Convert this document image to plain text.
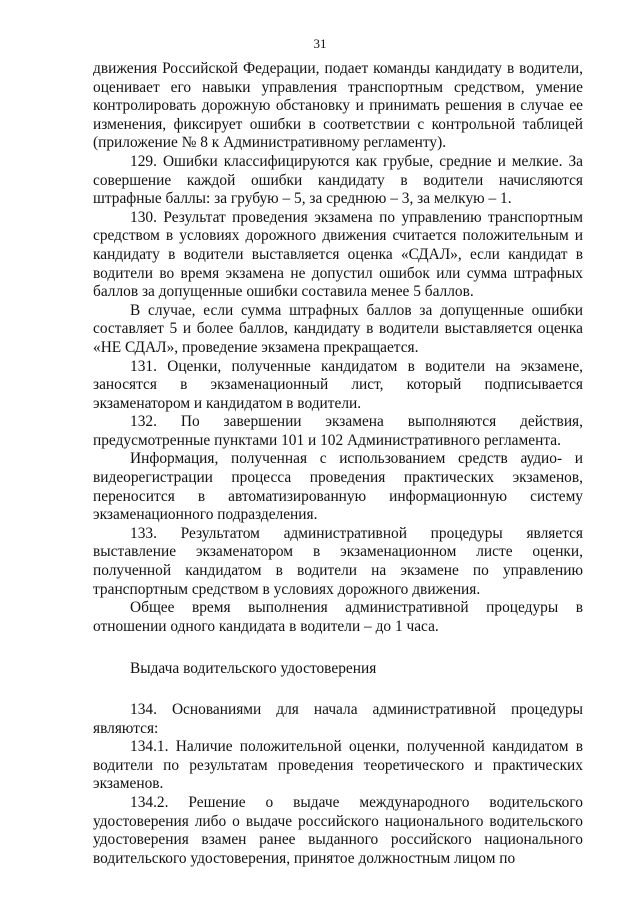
31

движения Российской Федерации, подает команды кандидату в водители, оценивает его навыки управления транспортным средством, умение контролировать дорожную обстановку и принимать решения в случае ее изменения, фиксирует ошибки в соответствии с контрольной таблицей (приложение № 8 к Административному регламенту).

129. Ошибки классифицируются как грубые, средние и мелкие. За совершение каждой ошибки кандидату в водители начисляются штрафные баллы: за грубую – 5, за среднюю – 3, за мелкую – 1.

130. Результат проведения экзамена по управлению транспортным средством в условиях дорожного движения считается положительным и кандидату в водители выставляется оценка «СДАЛ», если кандидат в водители во время экзамена не допустил ошибок или сумма штрафных баллов за допущенные ошибки составила менее 5 баллов.

В случае, если сумма штрафных баллов за допущенные ошибки составляет 5 и более баллов, кандидату в водители выставляется оценка «НЕ СДАЛ», проведение экзамена прекращается.

131. Оценки, полученные кандидатом в водители на экзамене, заносятся в экзаменационный лист, который подписывается экзаменатором и кандидатом в водители.

132. По завершении экзамена выполняются действия, предусмотренные пунктами 101 и 102 Административного регламента.

Информация, полученная с использованием средств аудио- и видеорегистрации процесса проведения практических экзаменов, переносится в автоматизированную информационную систему экзаменационного подразделения.

133. Результатом административной процедуры является выставление экзаменатором в экзаменационном листе оценки, полученной кандидатом в водители на экзамене по управлению транспортным средством в условиях дорожного движения.

Общее время выполнения административной процедуры в отношении одного кандидата в водители – до 1 часа.

Выдача водительского удостоверения

134. Основаниями для начала административной процедуры являются:

134.1. Наличие положительной оценки, полученной кандидатом в водители по результатам проведения теоретического и практических экзаменов.

134.2. Решение о выдаче международного водительского удостоверения либо о выдаче российского национального водительского удостоверения взамен ранее выданного российского национального водительского удостоверения, принятое должностным лицом по
